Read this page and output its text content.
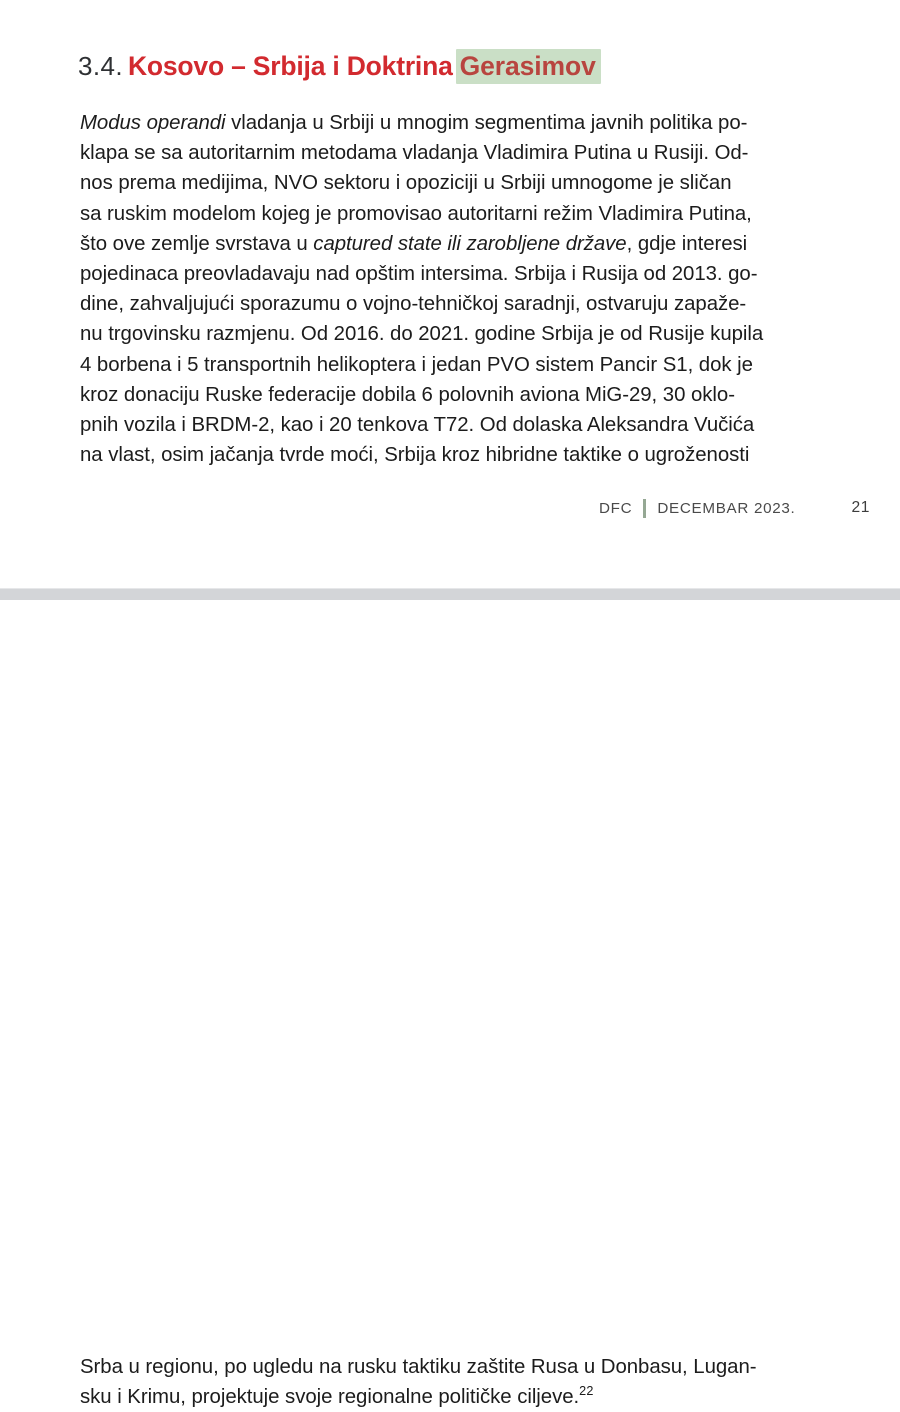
3.4. Kosovo – Srbija i Doktrina Gerasimov
Modus operandi vladanja u Srbiji u mnogim segmentima javnih politika po-
klapa se sa autoritarnim metodama vladanja Vladimira Putina u Rusiji. Od-
nos prema medijima, NVO sektoru i opoziciji u Srbiji umnogome je sličan
sa ruskim modelom kojeg je promovisao autoritarni režim Vladimira Putina,
što ove zemlje svrstava u captured state ili zarobljene države, gdje interesi
pojedinaca preovladavaju nad opštim intersima. Srbija i Rusija od 2013. go-
dine, zahvaljujući sporazumu o vojno-tehničkoj saradnji, ostvaruju zapaže-
nu trgovinsku razmjenu. Od 2016. do 2021. godine Srbija je od Rusije kupila
4 borbena i 5 transportnih helikoptera i jedan PVO sistem Pancir S1, dok je
kroz donaciju Ruske federacije dobila 6 polovnih aviona MiG-29, 30 oklo-
pnih vozila i BRDM-2, kao i 20 tenkova T72. Od dolaska Aleksandra Vučića
na vlast, osim jačanja tvrde moći, Srbija kroz hibridne taktike o ugroženosti
DFC DECEMBAR 2023.	21
Srba u regionu, po ugledu na rusku taktiku zaštite Rusa u Donbasu, Lugan-
sku i Krimu, projektuje svoje regionalne političke ciljeve.$^{22}$
